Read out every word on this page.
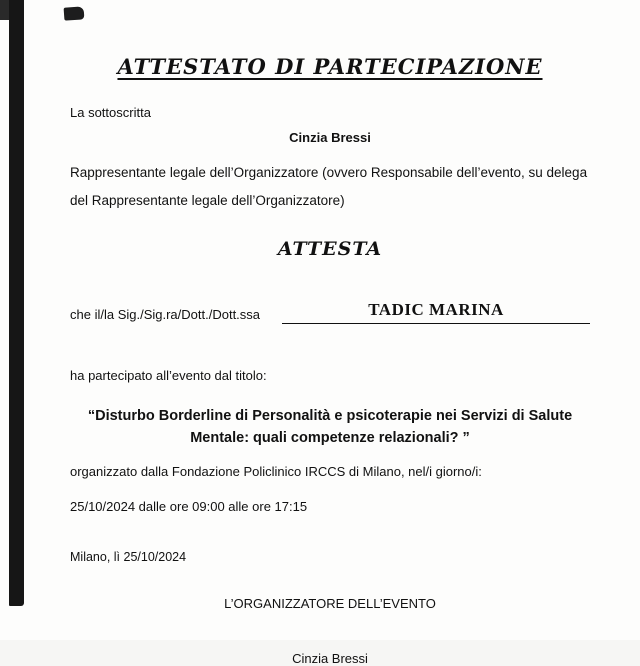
ATTESTATO DI PARTECIPAZIONE

La sottoscritta

Cinzia Bressi

Rappresentante legale dell’Organizzatore (ovvero Responsabile dell’evento, su delega del Rappresentante legale dell’Organizzatore)

ATTESTA
che il/la Sig./Sig.ra/Dott./Dott.ssa	TADIC MARINA

ha partecipato all’evento dal titolo:

“Disturbo Borderline di Personalità e psicoterapie nei Servizi di Salute Mentale: quali competenze relazionali? ”

organizzato dalla Fondazione Policlinico IRCCS di Milano, nel/i giorno/i:

25/10/2024 dalle ore 09:00 alle ore 17:15

Milano, lì 25/10/2024

L’ORGANIZZATORE DELL’EVENTO
Cinzia Bressi
